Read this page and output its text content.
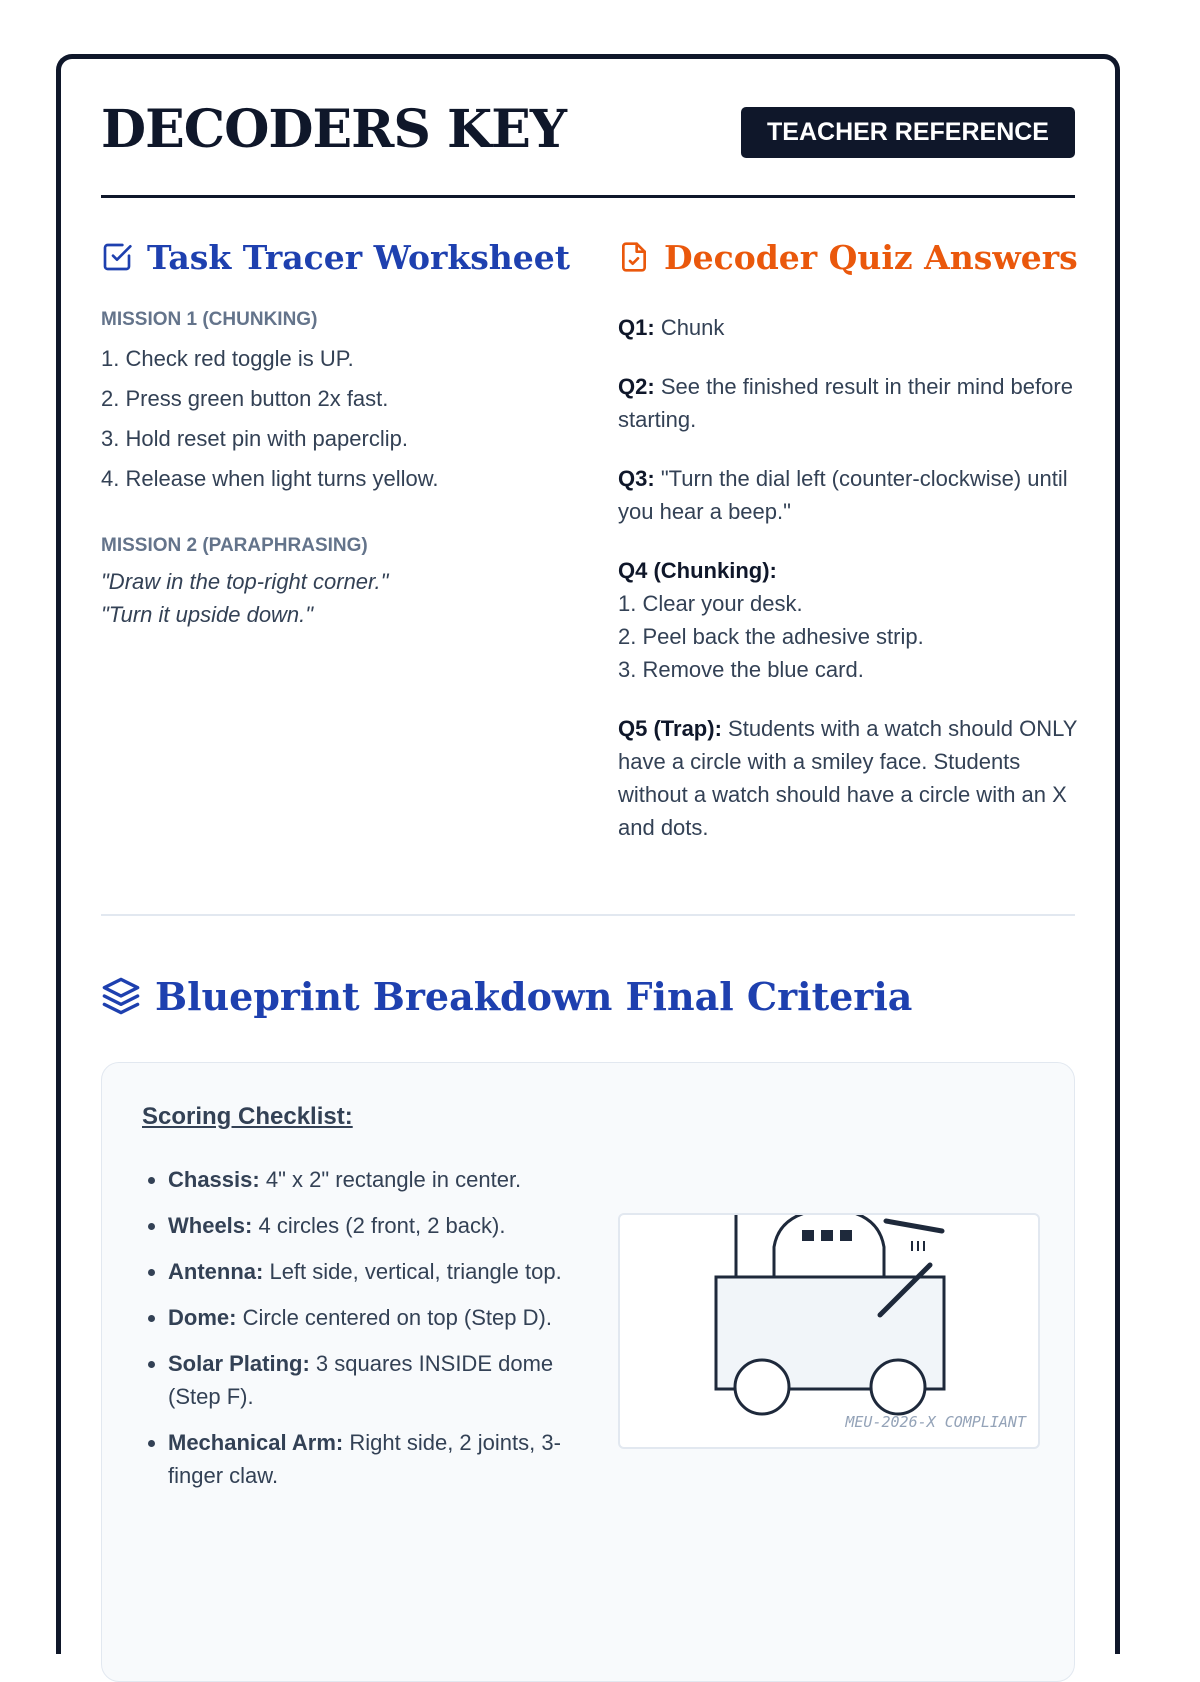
DECODERS KEY	TEACHER REFERENCE
Task Tracer Worksheet

MISSION 1 (CHUNKING)

1. Check red toggle is UP.

2. Press green button 2x fast.

3. Hold reset pin with paperclip.

4. Release when light turns yellow.

MISSION 2 (PARAPHRASING)

"Draw in the top-right corner."

"Turn it upside down."

Decoder Quiz Answers

Q1: Chunk

Q2: See the finished result in their mind before starting.

Q3: "Turn the dial left (counter-clockwise) until you hear a beep."

Q4 (Chunking):
1. Clear your desk.
2. Peel back the adhesive strip.
3. Remove the blue card.

Q5 (Trap): Students with a watch should ONLY have a circle with a smiley face. Students without a watch should have a circle with an X and dots.

Blueprint Breakdown Final Criteria

Scoring Checklist:

• Chassis: 4" x 2" rectangle in center.
• Wheels: 4 circles (2 front, 2 back).
• Antenna: Left side, vertical, triangle top.
• Dome: Circle centered on top (Step D).
• Solar Plating: 3 squares INSIDE dome (Step F).
• Mechanical Arm: Right side, 2 joints, 3-finger claw.
MEU-2026-X COMPLIANT
